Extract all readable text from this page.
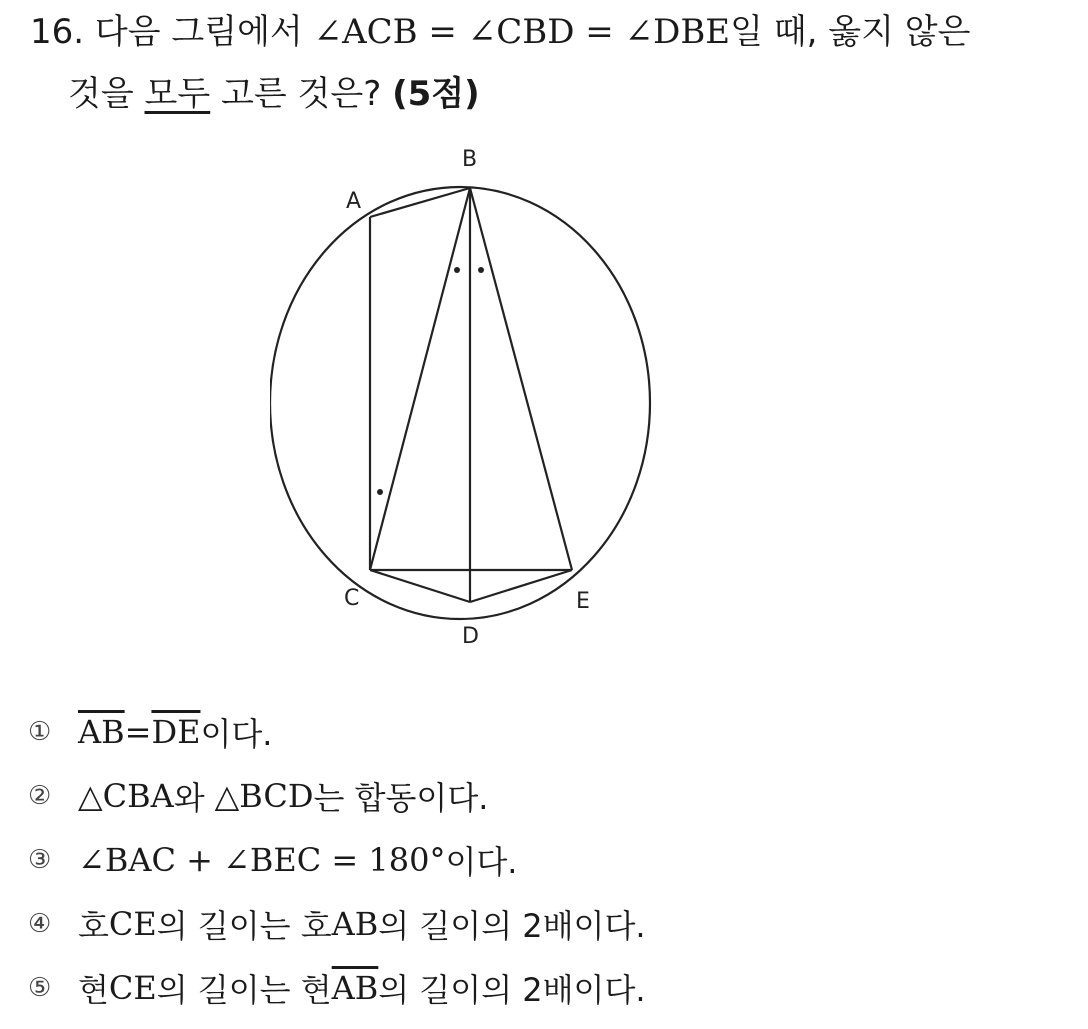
16. 다음 그림에서 ∠ACB = ∠CBD = ∠DBE일 때, 옳지 않은
것을 모두 고른 것은? (5점)
A
B
C
D
E
① $\overline{AB} = \overline{DE}$ 이다.
② △CBA 와 △BCD 는 합동이다.
③ ∠BAC + ∠BEC = 180° 이다.
④ 호 CE 의 길이는 호 AB 의 길이의 2배이다.
⑤ 현 CE 의 길이는 현 $\overline{AB}$ 의 길이의 2배이다.
